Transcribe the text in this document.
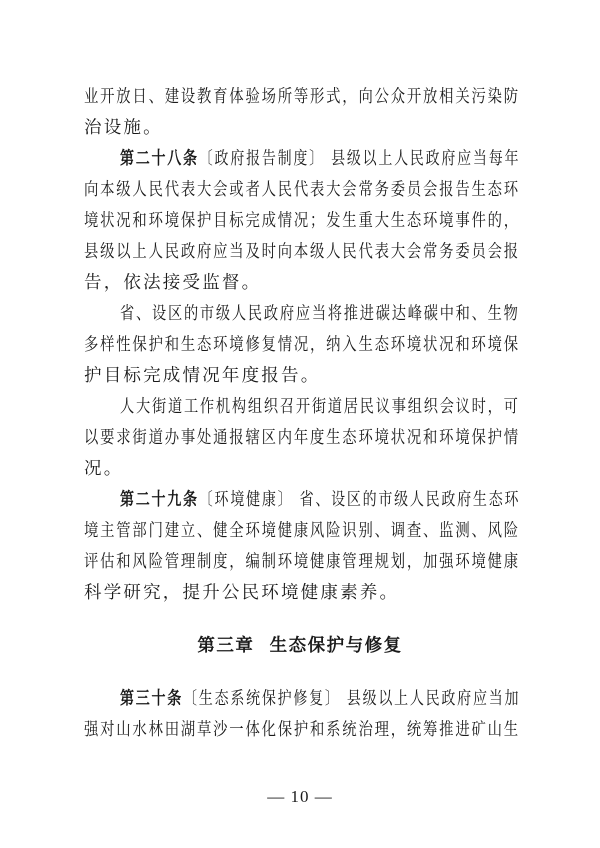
业开放日、建设教育体验场所等形式，向公众开放相关污染防
治设施。
第二十八条〔政府报告制度〕 县级以上人民政府应当每年
向本级人民代表大会或者人民代表大会常务委员会报告生态环
境状况和环境保护目标完成情况；发生重大生态环境事件的，
县级以上人民政府应当及时向本级人民代表大会常务委员会报
告，依法接受监督。
省、设区的市级人民政府应当将推进碳达峰碳中和、生物
多样性保护和生态环境修复情况，纳入生态环境状况和环境保
护目标完成情况年度报告。
人大街道工作机构组织召开街道居民议事组织会议时，可
以要求街道办事处通报辖区内年度生态环境状况和环境保护情
况。
第二十九条〔环境健康〕 省、设区的市级人民政府生态环
境主管部门建立、健全环境健康风险识别、调查、监测、风险
评估和风险管理制度，编制环境健康管理规划，加强环境健康
科学研究，提升公民环境健康素养。
第三章  生态保护与修复
第三十条〔生态系统保护修复〕 县级以上人民政府应当加
强对山水林田湖草沙一体化保护和系统治理，统筹推进矿山生
— 10 —
